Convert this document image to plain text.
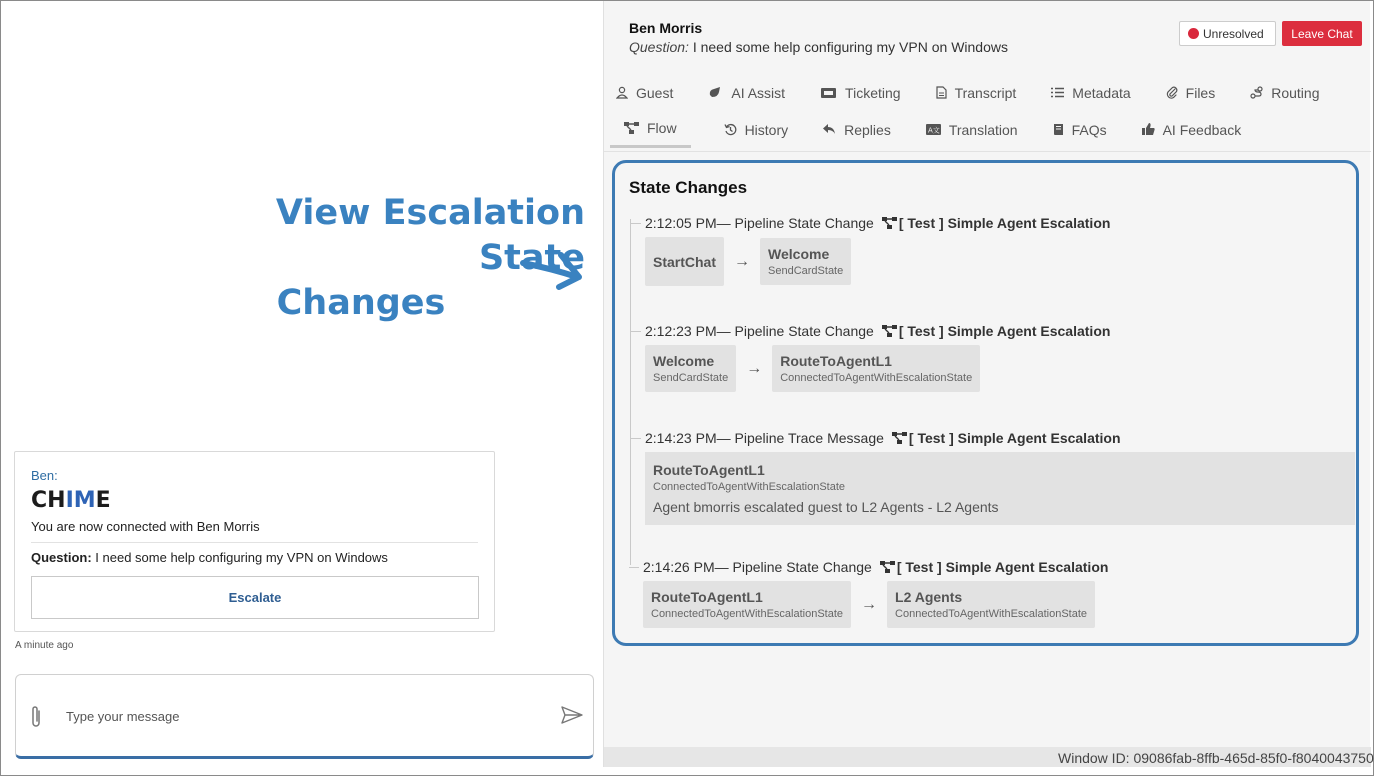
View Escalation State
Changes
Ben:
CHIME
You are now connected with Ben Morris
Question: I need some help configuring my VPN on Windows
Escalate
A minute ago
Type your message
Ben Morris
Question: I need some help configuring my VPN on Windows
Unresolved	Leave Chat
Guest	AI Assist	Ticketing	Transcript	Metadata	Files	Routing
Flow	History	Replies	A文 Translation	FAQs	AI Feedback
State Changes
2:12:05 PM — Pipeline State Change [ Test ] Simple Agent Escalation
StartChat → Welcome
SendCardState
2:12:23 PM — Pipeline State Change [ Test ] Simple Agent Escalation
Welcome
SendCardState
→ RouteToAgentL1
ConnectedToAgentWithEscalationState
2:14:23 PM — Pipeline Trace Message [ Test ] Simple Agent Escalation
RouteToAgentL1
ConnectedToAgentWithEscalationState
Agent bmorris escalated guest to L2 Agents - L2 Agents
2:14:26 PM — Pipeline State Change [ Test ] Simple Agent Escalation
RouteToAgentL1
ConnectedToAgentWithEscalationState
→ L2 Agents
ConnectedToAgentWithEscalationState
Window ID: 09086fab-8ffb-465d-85f0-f8040043750
